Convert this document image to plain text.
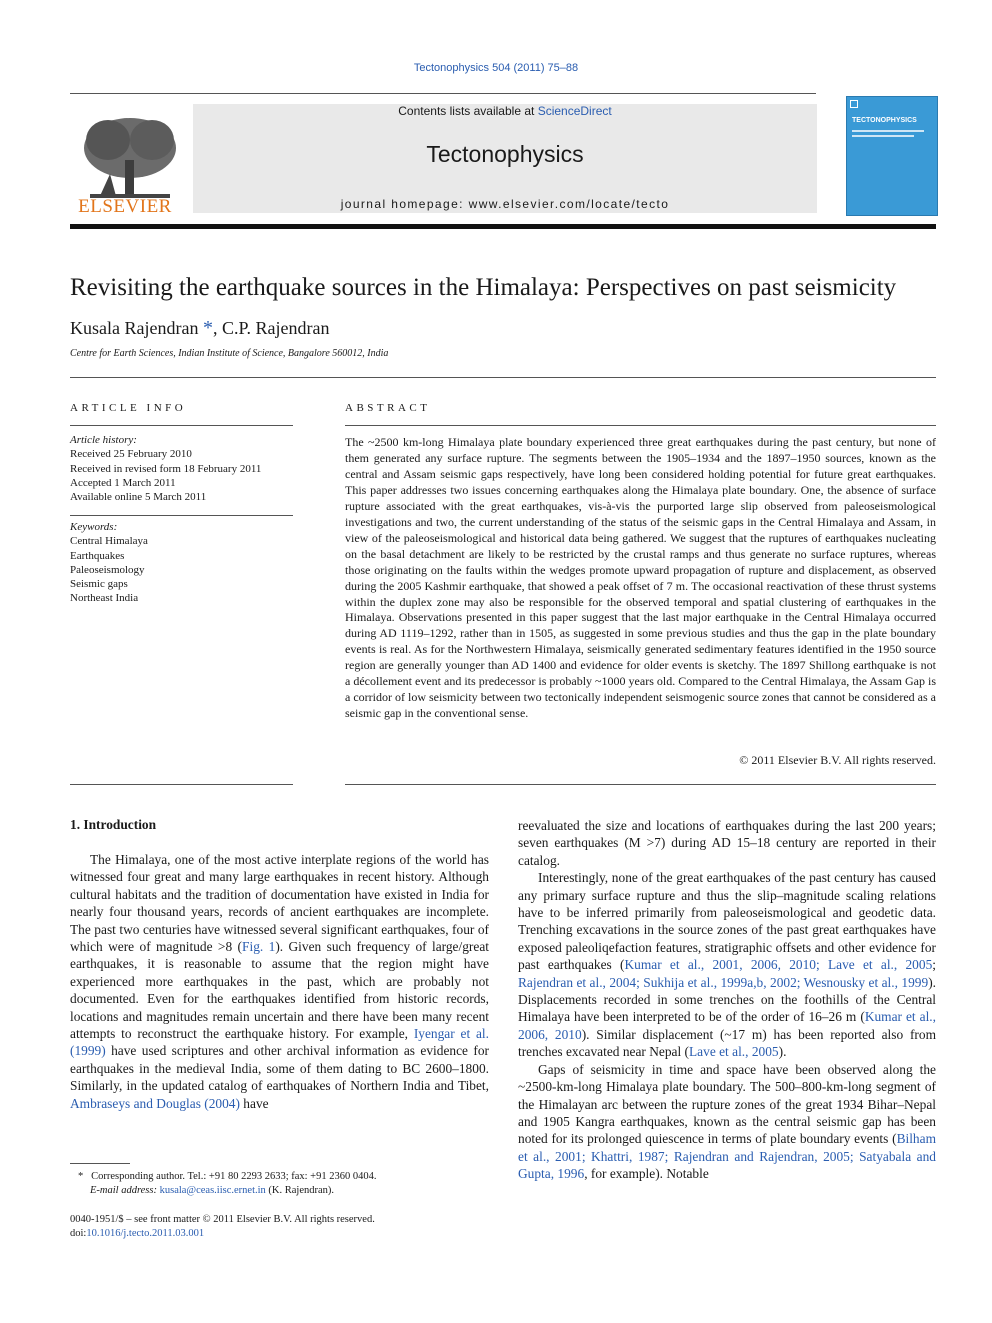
Tectonophysics 504 (2011) 75–88
ELSEVIER
Contents lists available at ScienceDirect
Tectonophysics
journal homepage: www.elsevier.com/locate/tecto
TECTONOPHYSICS
Revisiting the earthquake sources in the Himalaya: Perspectives on past seismicity
Kusala Rajendran *, C.P. Rajendran
Centre for Earth Sciences, Indian Institute of Science, Bangalore 560012, India
ARTICLE INFO
Article history:
Received 25 February 2010
Received in revised form 18 February 2011
Accepted 1 March 2011
Available online 5 March 2011
Keywords:
Central Himalaya
Earthquakes
Paleoseismology
Seismic gaps
Northeast India
ABSTRACT
The ~2500 km-long Himalaya plate boundary experienced three great earthquakes during the past century, but none of them generated any surface rupture. The segments between the 1905–1934 and the 1897–1950 sources, known as the central and Assam seismic gaps respectively, have long been considered holding potential for future great earthquakes. This paper addresses two issues concerning earthquakes along the Himalaya plate boundary. One, the absence of surface rupture associated with the great earthquakes, vis-à-vis the purported large slip observed from paleoseismological investigations and two, the current understanding of the status of the seismic gaps in the Central Himalaya and Assam, in view of the paleoseismological and historical data being gathered. We suggest that the ruptures of earthquakes nucleating on the basal detachment are likely to be restricted by the crustal ramps and thus generate no surface ruptures, whereas those originating on the faults within the wedges promote upward propagation of rupture and displacement, as observed during the 2005 Kashmir earthquake, that showed a peak offset of 7 m. The occasional reactivation of these thrust systems within the duplex zone may also be responsible for the observed temporal and spatial clustering of earthquakes in the Himalaya. Observations presented in this paper suggest that the last major earthquake in the Central Himalaya occurred during AD 1119–1292, rather than in 1505, as suggested in some previous studies and thus the gap in the plate boundary events is real. As for the Northwestern Himalaya, seismically generated sedimentary features identified in the 1950 source region are generally younger than AD 1400 and evidence for older events is sketchy. The 1897 Shillong earthquake is not a décollement event and its predecessor is probably ~1000 years old. Compared to the Central Himalaya, the Assam Gap is a corridor of low seismicity between two tectonically independent seismogenic source zones that cannot be considered as a seismic gap in the conventional sense.
© 2011 Elsevier B.V. All rights reserved.
1. Introduction

The Himalaya, one of the most active interplate regions of the world has witnessed four great and many large earthquakes in recent history. Although cultural habitats and the tradition of documentation have existed in India for nearly four thousand years, records of ancient earthquakes are incomplete. The past two centuries have witnessed several significant earthquakes, four of which were of magnitude >8 (Fig. 1). Given such frequency of large/great earthquakes, it is reasonable to assume that the region might have experienced more earthquakes in the past, which are probably not documented. Even for the earthquakes identified from historic records, locations and magnitudes remain uncertain and there have been many recent attempts to reconstruct the earthquake history. For example, Iyengar et al. (1999) have used scriptures and other archival information as evidence for earthquakes in the medieval India, some of them dating to BC 2600–1800. Similarly, in the updated catalog of earthquakes of Northern India and Tibet, Ambraseys and Douglas (2004) have

reevaluated the size and locations of earthquakes during the last 200 years; seven earthquakes (M >7) during AD 15–18 century are reported in their catalog.

Interestingly, none of the great earthquakes of the past century has caused any primary surface rupture and thus the slip–magnitude scaling relations have to be inferred primarily from paleoseismological and geodetic data. Trenching excavations in the source zones of the past great earthquakes have exposed paleoliqefaction features, stratigraphic offsets and other evidence for past earthquakes (Kumar et al., 2001, 2006, 2010; Lave et al., 2005; Rajendran et al., 2004; Sukhija et al., 1999a,b, 2002; Wesnousky et al., 1999). Displacements recorded in some trenches on the foothills of the Central Himalaya have been interpreted to be of the order of 16–26 m (Kumar et al., 2006, 2010). Similar displacement (~17 m) has been reported also from trenches excavated near Nepal (Lave et al., 2005).

Gaps of seismicity in time and space have been observed along the ~2500-km-long Himalaya plate boundary. The 500–800-km-long segment of the Himalayan arc between the rupture zones of the great 1934 Bihar–Nepal and 1905 Kangra earthquakes, known as the central seismic gap has been noted for its prolonged quiescence in terms of plate boundary events (Bilham et al., 2001; Khattri, 1987; Rajendran and Rajendran, 2005; Satyabala and Gupta, 1996, for example). Notable

* Corresponding author. Tel.: +91 80 2293 2633; fax: +91 2360 0404.
E-mail address: kusala@ceas.iisc.ernet.in (K. Rajendran).
0040-1951/$ – see front matter © 2011 Elsevier B.V. All rights reserved.
doi:10.1016/j.tecto.2011.03.001
